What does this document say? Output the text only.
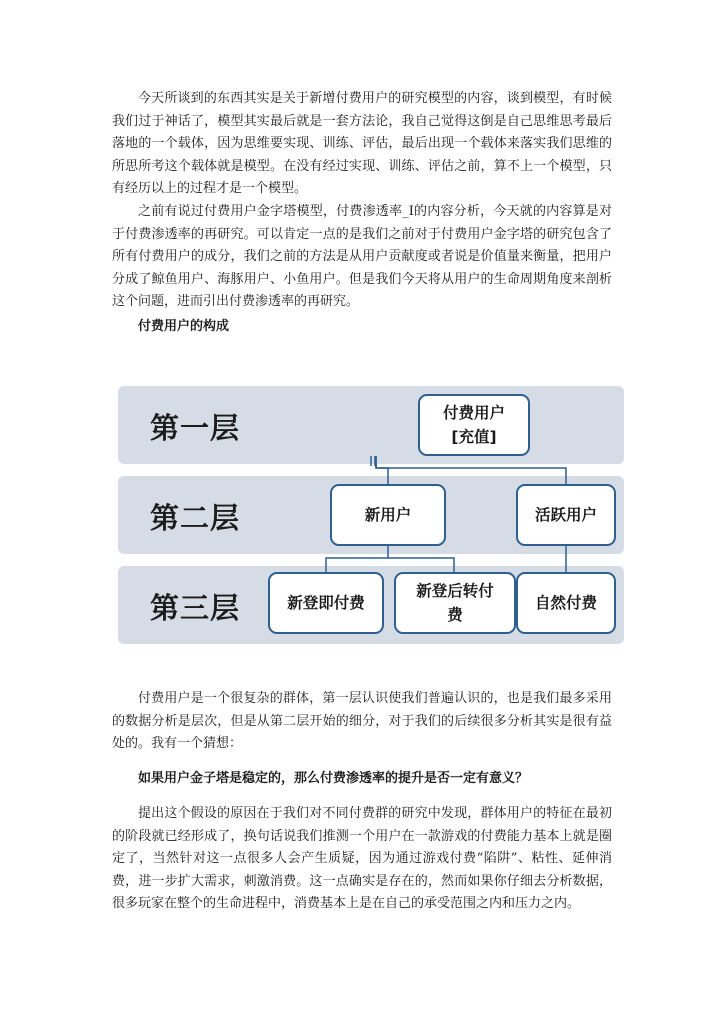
今天所谈到的东西其实是关于新增付费用户的研究模型的内容，谈到模型，有时候我们过于神话了，模型其实最后就是一套方法论，我自己觉得这倒是自己思维思考最后落地的一个载体，因为思维要实现、训练、评估，最后出现一个载体来落实我们思维的所思所考这个载体就是模型。在没有经过实现、训练、评估之前，算不上一个模型，只有经历以上的过程才是一个模型。

之前有说过付费用户金字塔模型，付费渗透率_I的内容分析，今天就的内容算是对于付费渗透率的再研究。可以肯定一点的是我们之前对于付费用户金字塔的研究包含了所有付费用户的成分，我们之前的方法是从用户贡献度或者说是价值量来衡量，把用户分成了鲸鱼用户、海豚用户、小鱼用户。但是我们今天将从用户的生命周期角度来剖析这个问题，进而引出付费渗透率的再研究。

付费用户的构成

第一层
第二层
第三层
付费用户
[充值]
新用户	活跃用户
新登即付费
新登后转付
费
自然付费

付费用户是一个很复杂的群体，第一层认识使我们普遍认识的，也是我们最多采用的数据分析是层次，但是从第二层开始的细分，对于我们的后续很多分析其实是很有益处的。我有一个猜想：

如果用户金子塔是稳定的，那么付费渗透率的提升是否一定有意义？

提出这个假设的原因在于我们对不同付费群的研究中发现，群体用户的特征在最初的阶段就已经形成了，换句话说我们推测一个用户在一款游戏的付费能力基本上就是圈定了，当然针对这一点很多人会产生质疑，因为通过游戏付费“陷阱”、粘性、延伸消费，进一步扩大需求，刺激消费。这一点确实是存在的，然而如果你仔细去分析数据，很多玩家在整个的生命进程中，消费基本上是在自己的承受范围之内和压力之内。
